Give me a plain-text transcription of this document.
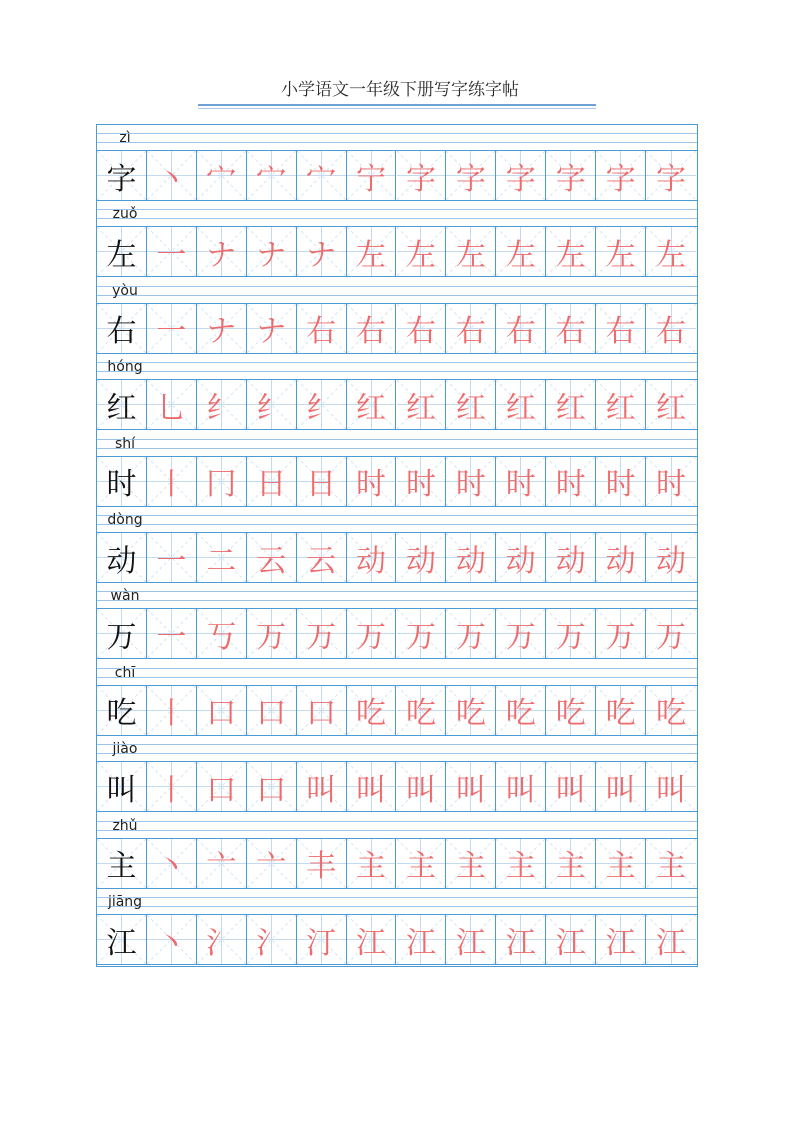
小学语文一年级下册写字练字帖
zì
字 丶 宀 宀 宀 宁 字 字 字 字 字 字
zuǒ
左 一 ナ ナ ナ 左 左 左 左 左 左 左
yòu
右 一 ナ ナ 右 右 右 右 右 右 右 右
hóng
红 乚 纟 纟 纟 红 红 红 红 红 红 红
shí
时 丨 冂 日 日 时 时 时 时 时 时 时
dòng
动 一 二 云 云 动 动 动 动 动 动 动
wàn
万 一 丂 万 万 万 万 万 万 万 万 万
chī
吃 丨 口 口 口 吃 吃 吃 吃 吃 吃 吃
jiào
叫 丨 口 口 叫 叫 叫 叫 叫 叫 叫 叫
zhǔ
主 丶 亠 亠 丰 主 主 主 主 主 主 主
jiāng
江 丶 氵 氵 汀 江 江 江 江 江 江 江
